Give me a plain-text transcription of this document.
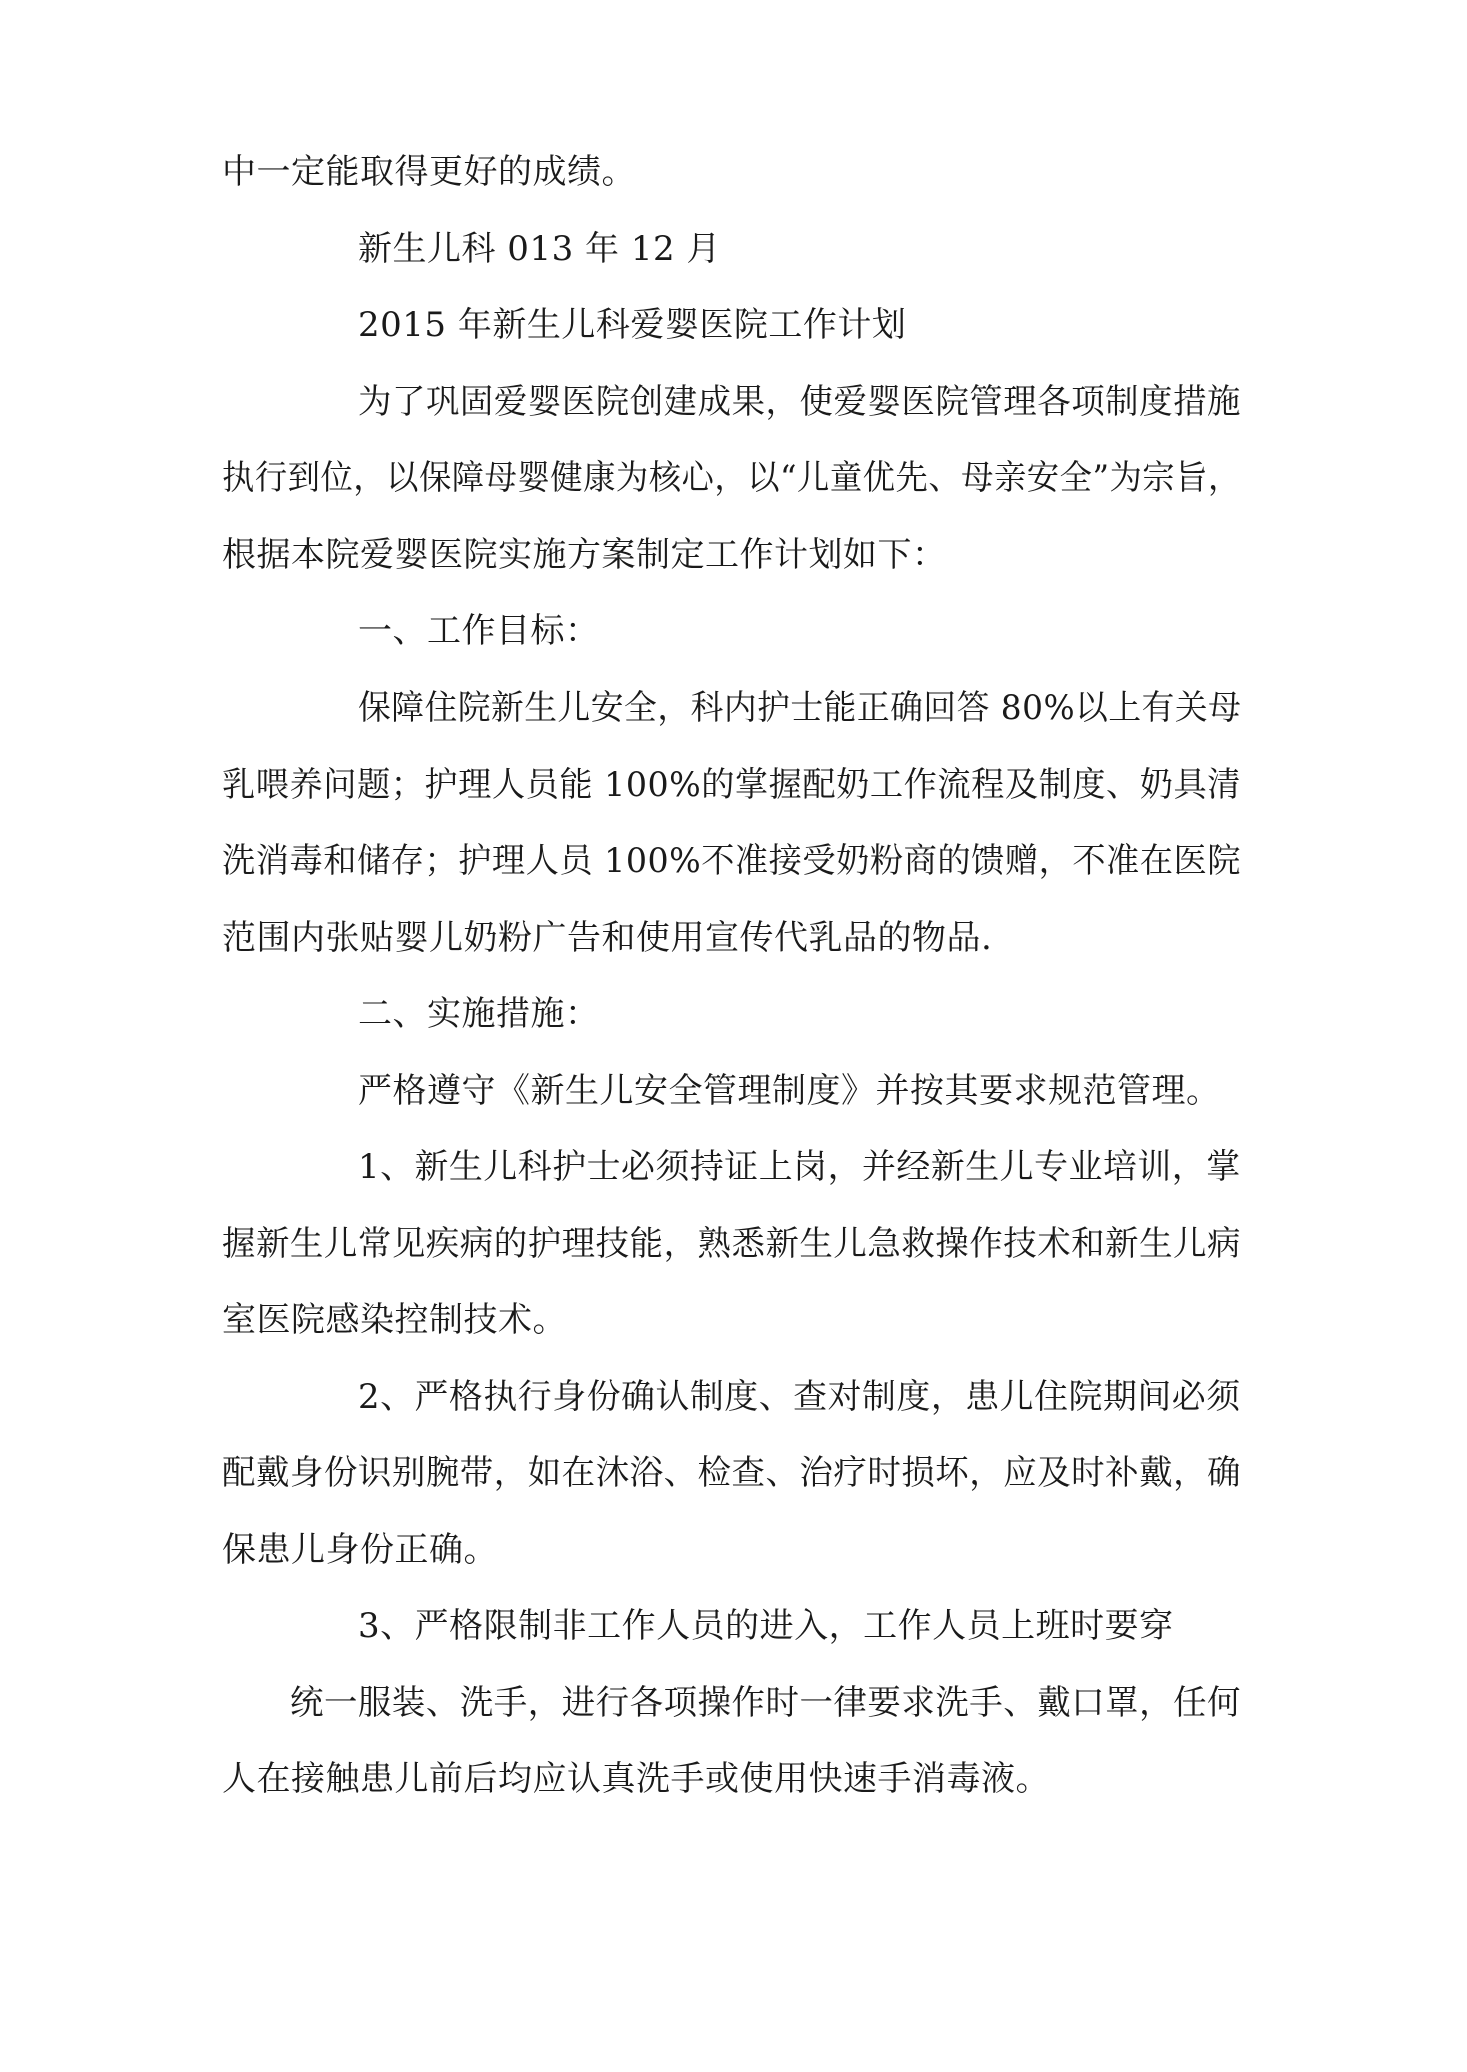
中一定能取得更好的成绩。
新生儿科 013 年 12 月
2015 年新生儿科爱婴医院工作计划
为了巩固爱婴医院创建成果，使爱婴医院管理各项制度措施
执行到位，以保障母婴健康为核心，以“儿童优先、母亲安全”为宗旨，
根据本院爱婴医院实施方案制定工作计划如下：
一、工作目标：
保障住院新生儿安全，科内护士能正确回答 80%以上有关母
乳喂养问题；护理人员能 100%的掌握配奶工作流程及制度、奶具清
洗消毒和储存；护理人员 100%不准接受奶粉商的馈赠，不准在医院
范围内张贴婴儿奶粉广告和使用宣传代乳品的物品.
二、实施措施：
严格遵守《新生儿安全管理制度》并按其要求规范管理。
1、新生儿科护士必须持证上岗，并经新生儿专业培训，掌
握新生儿常见疾病的护理技能，熟悉新生儿急救操作技术和新生儿病
室医院感染控制技术。
2、严格执行身份确认制度、查对制度，患儿住院期间必须
配戴身份识别腕带，如在沐浴、检查、治疗时损坏，应及时补戴，确
保患儿身份正确。
3、严格限制非工作人员的进入，工作人员上班时要穿
统一服装、洗手，进行各项操作时一律要求洗手、戴口罩，任何
人在接触患儿前后均应认真洗手或使用快速手消毒液。
